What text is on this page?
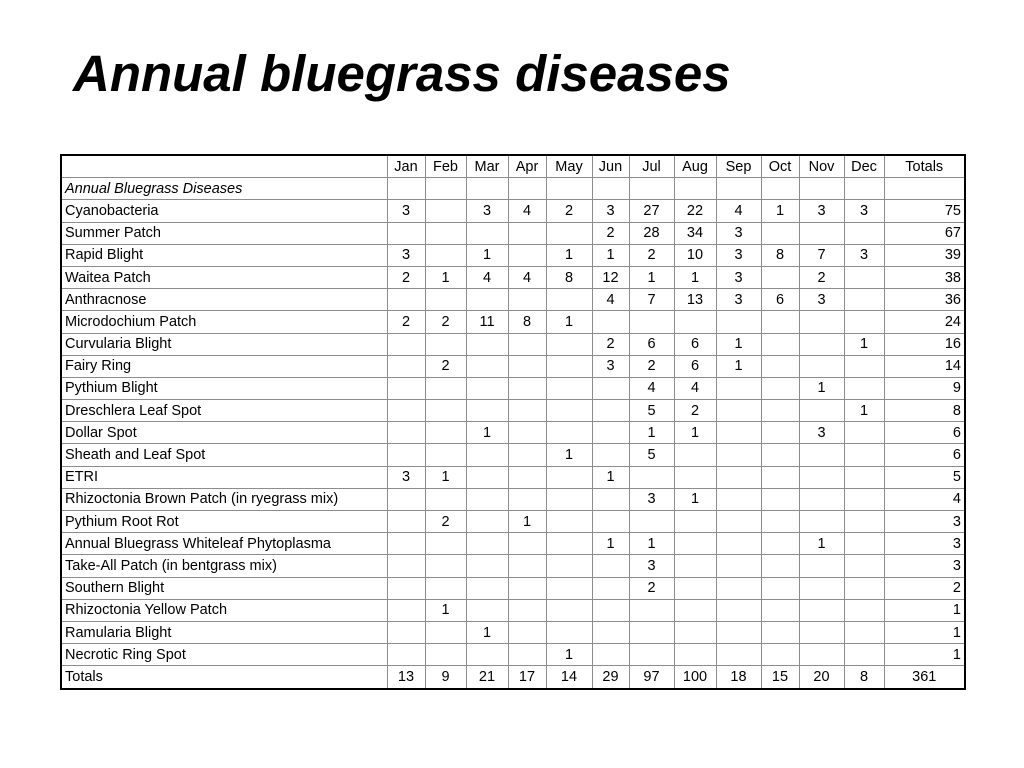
Annual bluegrass diseases
	Jan	Feb	Mar	Apr	May	Jun	Jul	Aug	Sep	Oct	Nov	Dec	Totals
Annual Bluegrass Diseases													
Cyanobacteria	3		3	4	2	3	27	22	4	1	3	3	75
Summer Patch						2	28	34	3				67
Rapid Blight	3		1		1	1	2	10	3	8	7	3	39
Waitea Patch	2	1	4	4	8	12	1	1	3		2		38
Anthracnose						4	7	13	3	6	3		36
Microdochium Patch	2	2	11	8	1								24
Curvularia Blight						2	6	6	1			1	16
Fairy Ring		2				3	2	6	1				14
Pythium Blight							4	4			1		9
Dreschlera Leaf Spot							5	2				1	8
Dollar Spot			1				1	1			3		6
Sheath and Leaf Spot					1		5						6
ETRI	3	1				1							5
Rhizoctonia Brown Patch (in ryegrass mix)							3	1					4
Pythium Root Rot		2		1									3
Annual Bluegrass Whiteleaf Phytoplasma						1	1				1		3
Take-All Patch (in bentgrass mix)							3						3
Southern Blight							2						2
Rhizoctonia Yellow Patch		1											1
Ramularia Blight			1										1
Necrotic Ring Spot					1								1
Totals	13	9	21	17	14	29	97	100	18	15	20	8	361
